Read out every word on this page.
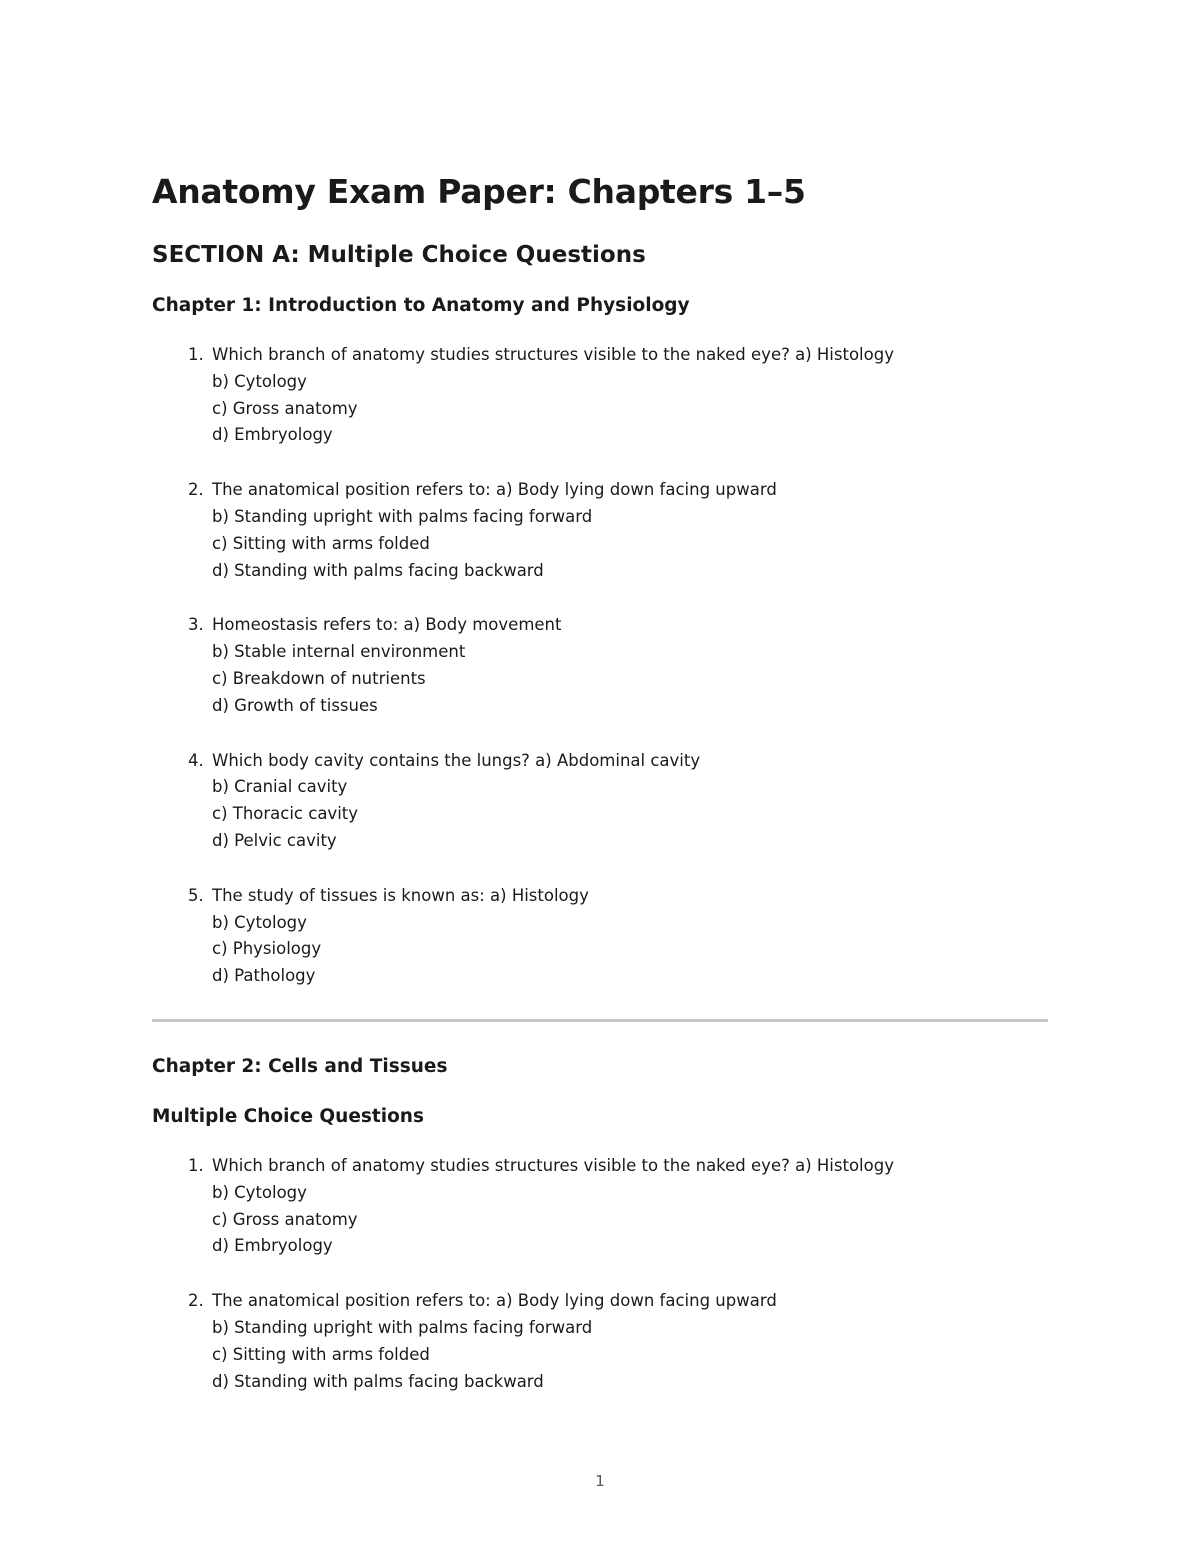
Anatomy Exam Paper: Chapters 1–5
SECTION A: Multiple Choice Questions
Chapter 1: Introduction to Anatomy and Physiology
1. Which branch of anatomy studies structures visible to the naked eye? a) Histology
b) Cytology
c) Gross anatomy
d) Embryology
2. The anatomical position refers to: a) Body lying down facing upward
b) Standing upright with palms facing forward
c) Sitting with arms folded
d) Standing with palms facing backward
3. Homeostasis refers to: a) Body movement
b) Stable internal environment
c) Breakdown of nutrients
d) Growth of tissues
4. Which body cavity contains the lungs? a) Abdominal cavity
b) Cranial cavity
c) Thoracic cavity
d) Pelvic cavity
5. The study of tissues is known as: a) Histology
b) Cytology
c) Physiology
d) Pathology
Chapter 2: Cells and Tissues
Multiple Choice Questions
1. Which branch of anatomy studies structures visible to the naked eye? a) Histology
b) Cytology
c) Gross anatomy
d) Embryology
2. The anatomical position refers to: a) Body lying down facing upward
b) Standing upright with palms facing forward
c) Sitting with arms folded
d) Standing with palms facing backward
1
